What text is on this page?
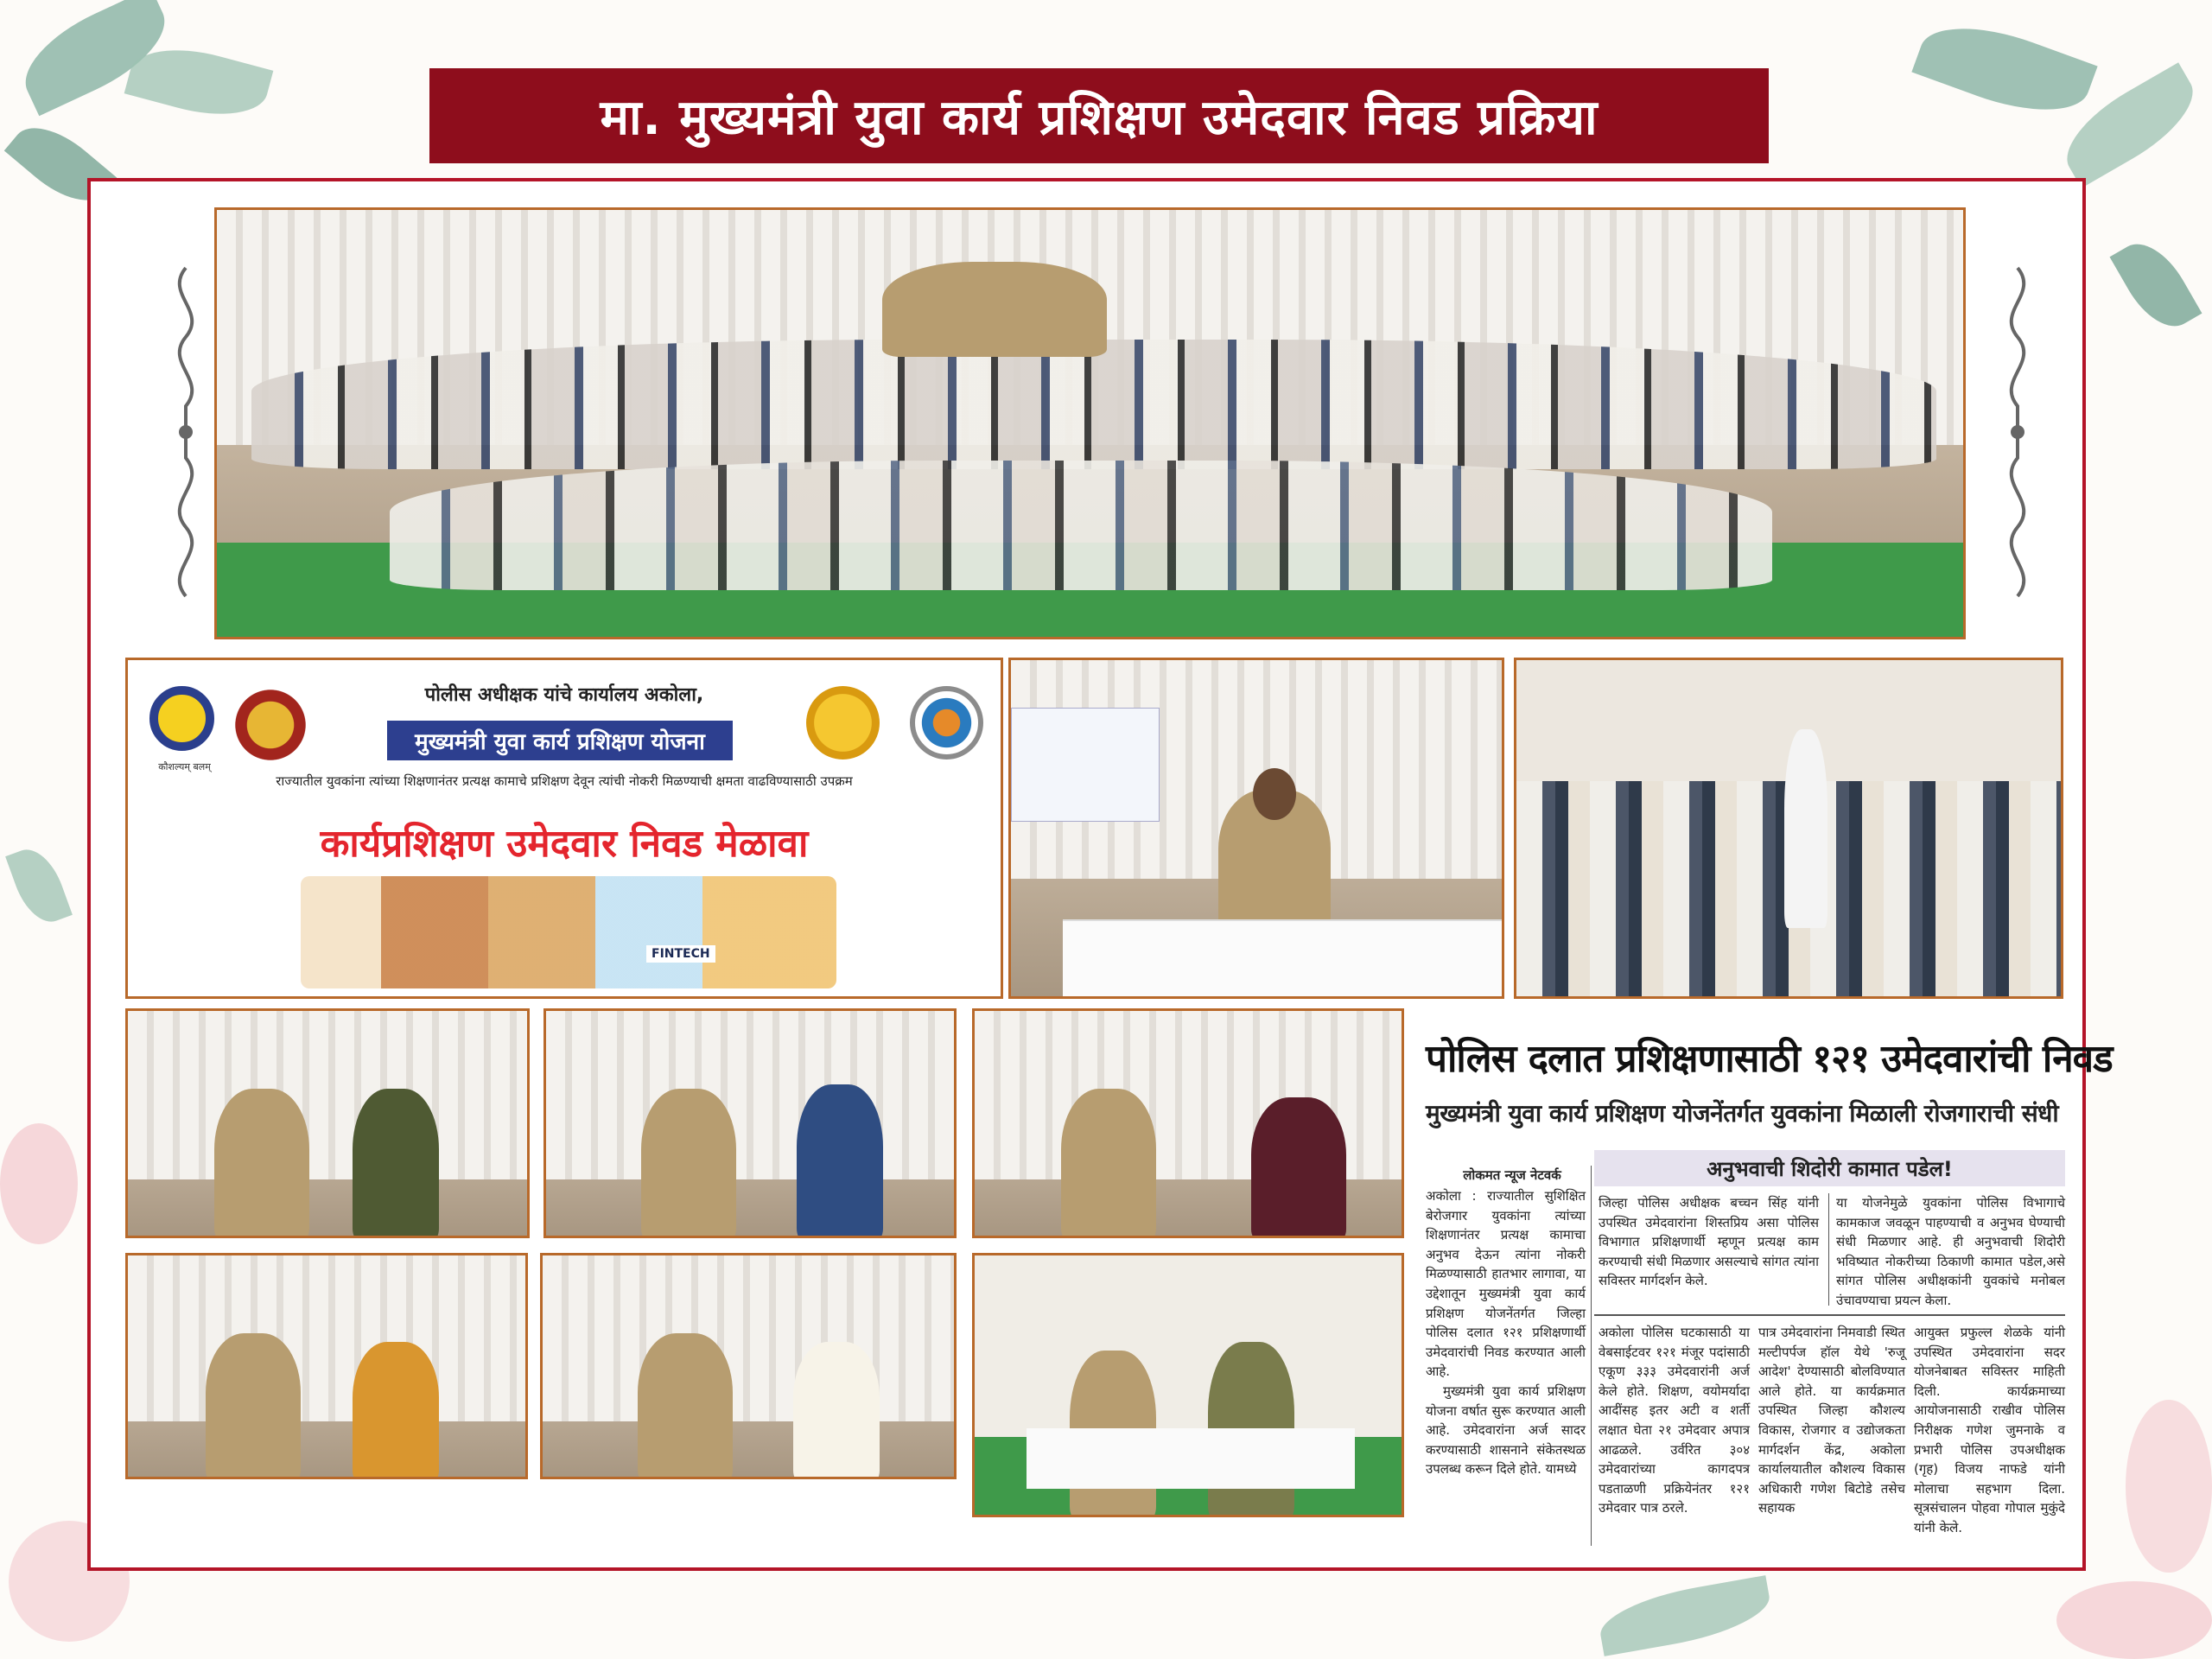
मा. मुख्यमंत्री युवा कार्य प्रशिक्षण उमेदवार निवड प्रक्रिया
कौशल्यम् बलम्
पोलीस अधीक्षक यांचे कार्यालय अकोला,
मुख्यमंत्री युवा कार्य प्रशिक्षण योजना
राज्यातील युवकांना त्यांच्या शिक्षणानंतर प्रत्यक्ष कामाचे प्रशिक्षण देवून त्यांची नोकरी मिळण्याची क्षमता वाढविण्यासाठी उपक्रम
कार्यप्रशिक्षण उमेदवार निवड मेळावा
FINTECH
पोलिस दलात प्रशिक्षणासाठी १२१ उमेदवारांची निवड
मुख्यमंत्री युवा कार्य प्रशिक्षण योजनेंतर्गत युवकांना मिळाली रोजगाराची संधी
अनुभवाची शिदोरी कामात पडेल!
लोकमत न्यूज नेटवर्क

अकोला : राज्यातील सुशिक्षित बेरोजगार युवकांना त्यांच्या शिक्षणानंतर प्रत्यक्ष कामाचा अनुभव देऊन त्यांना नोकरी मिळण्यासाठी हातभार लागावा, या उद्देशातून मुख्यमंत्री युवा कार्य प्रशिक्षण योजनेंतर्गत जिल्हा पोलिस दलात १२१ प्रशिक्षणार्थी उमेदवारांची निवड करण्यात आली आहे.

मुख्यमंत्री युवा कार्य प्रशिक्षण योजना वर्षात सुरू करण्यात आली आहे. उमेदवारांना अर्ज सादर करण्यासाठी शासनाने संकेतस्थळ उपलब्ध करून दिले होते. यामध्ये

जिल्हा पोलिस अधीक्षक बच्चन सिंह यांनी उपस्थित उमेदवारांना शिस्तप्रिय असा पोलिस विभागात प्रशिक्षणार्थी म्हणून प्रत्यक्ष काम करण्याची संधी मिळणार असल्याचे सांगत त्यांना सविस्तर मार्गदर्शन केले.
या योजनेमुळे युवकांना पोलिस विभागाचे कामकाज जवळून पाहण्याची व अनुभव घेण्याची संधी मिळणार आहे. ही अनुभवाची शिदोरी भविष्यात नोकरीच्या ठिकाणी कामात पडेल,असे सांगत पोलिस अधीक्षकांनी युवकांचे मनोबल उंचावण्याचा प्रयत्न केला.
अकोला पोलिस घटकासाठी या वेबसाईटवर १२१ मंजूर पदांसाठी एकूण ३३३ उमेदवारांनी अर्ज केले होते. शिक्षण, वयोमर्यादा आदींसह इतर अटी व शर्ती लक्षात घेता २१ उमेदवार अपात्र आढळले. उर्वरित ३०४ उमेदवारांच्या कागदपत्र पडताळणी प्रक्रियेनंतर १२१ उमेदवार पात्र ठरले.
पात्र उमेदवारांना निमवाडी स्थित मल्टीपर्पज हॉल येथे 'रुजू आदेश' देण्यासाठी बोलविण्यात आले होते. या कार्यक्रमात उपस्थित जिल्हा कौशल्य विकास, रोजगार व उद्योजकता मार्गदर्शन केंद्र, अकोला कार्यालयातील कौशल्य विकास अधिकारी गणेश बिटोडे तसेच सहायक
आयुक्त प्रफुल्ल शेळके यांनी उपस्थित उमेदवारांना सदर योजनेबाबत सविस्तर माहिती दिली. कार्यक्रमाच्या आयोजनासाठी राखीव पोलिस निरीक्षक गणेश जुमनाके व प्रभारी पोलिस उपअधीक्षक (गृह) विजय नाफडे यांनी मोलाचा सहभाग दिला. सूत्रसंचालन पोहवा गोपाल मुकुंदे यांनी केले.
